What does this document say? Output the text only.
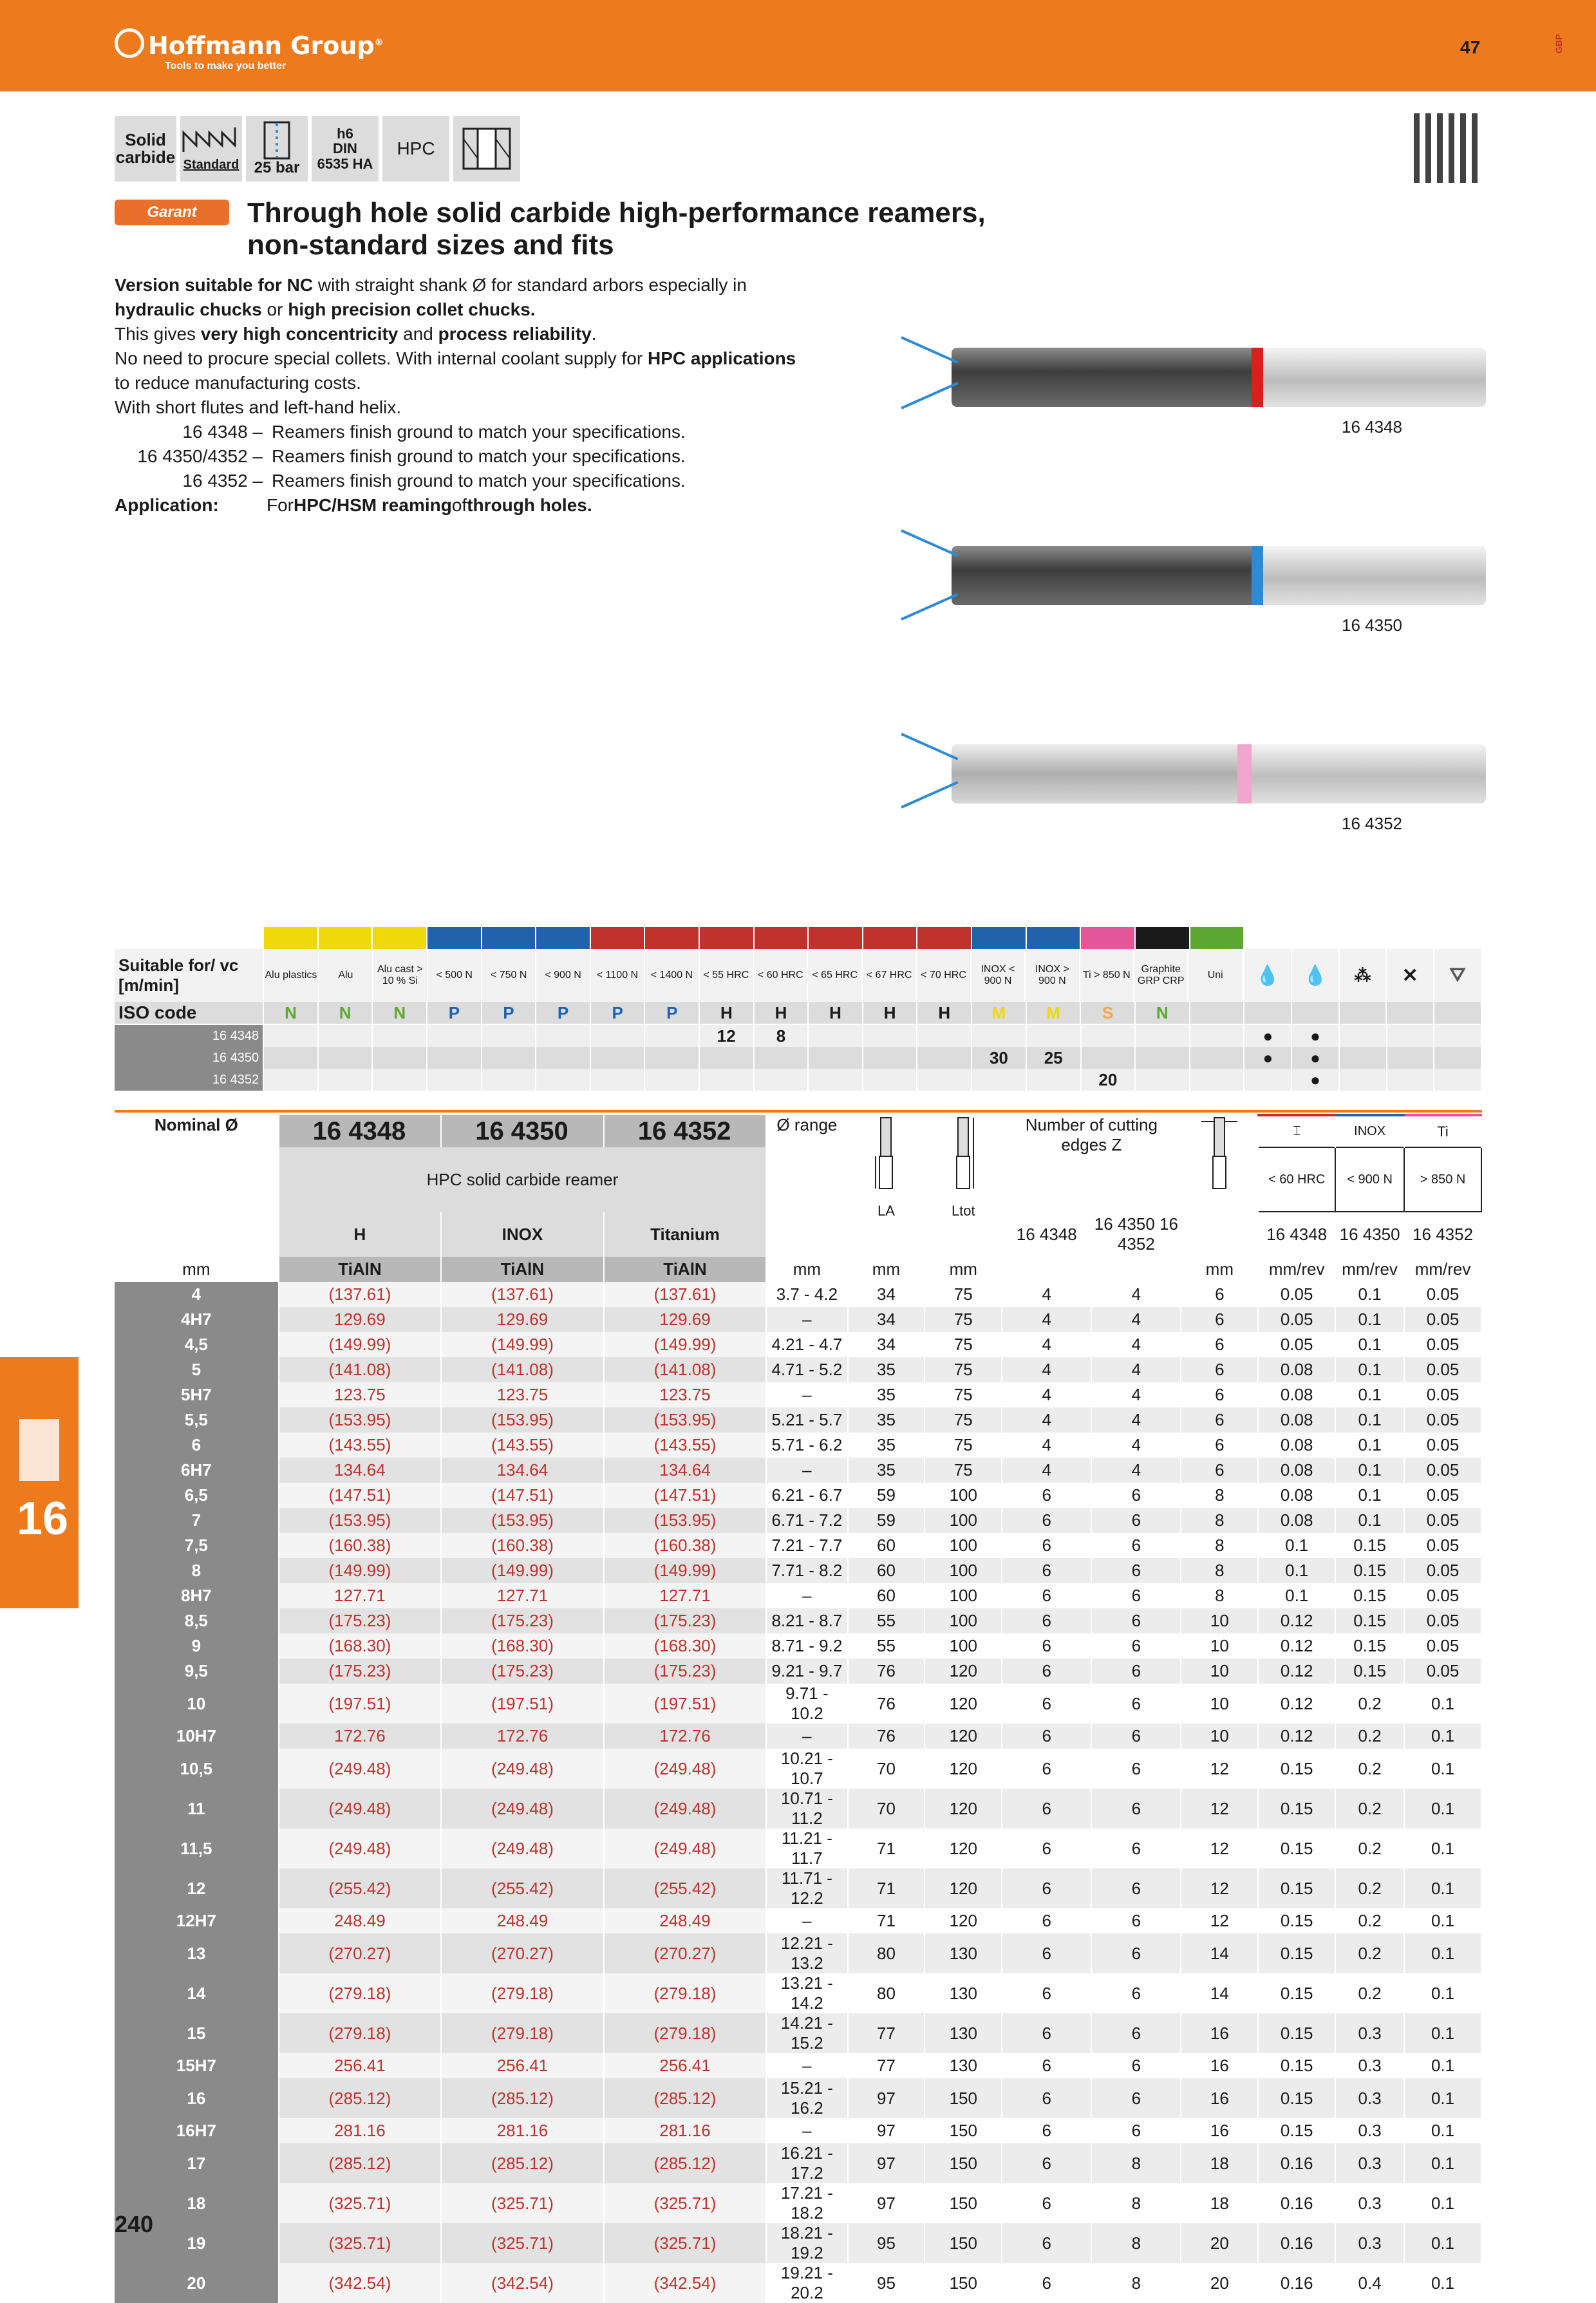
Hoffmann Group®
Tools to make you better
47	GBP
Solid
carbide Standard 25 bar
h6
DIN
6535 HA
HPC
Garant	Through hole solid carbide high-performance reamers, non-standard sizes and fits

Version suitable for NC with straight shank Ø for standard arbors especially in

hydraulic chucks or high precision collet chucks.

This gives very high concentricity and process reliability.

No need to procure special collets. With internal coolant supply for HPC applications

to reduce manufacturing costs.

With short flutes and left-hand helix.

16 4348 – Reamers finish ground to match your specifications.
16 4350/4352 – Reamers finish ground to match your specifications.
16 4352 – Reamers finish ground to match your specifications.
Application:	For HPC/HSM reaming of through holes.
16 4348
16 4350
16 4352

Suitable for/ vc [m/min]	
Alu plastics	Alu	Alu cast > 10 % Si	< 500 N	< 750 N	< 900 N	< 1100 N	< 1400 N	< 55 HRC	< 60 HRC	< 65 HRC	< 67 HRC	< 70 HRC	INOX < 900 N	INOX > 900 N	Ti > 850 N	Graphite GRP CRP	Uni
	💧	💧	⁂	✕	⛛
ISO code	N	N	N	P	P	P	P	P	H	H	H	H	H	M	M	S	N						
16 4348									12	8									●	●			
16 4350														30	25				●	●			
16 4352																20				●			
Nominal Ø	16 4348	16 4350	16 4352	Ø range	LA	Ltot	Number of cutting edges Z			⌶	INOX	Ti
	HPC solid carbide reamer									< 60 HRC	< 900 N	> 850 N
	H	INOX	Titanium				16 4348	16 4350 16 4352		16 4348	16 4350	16 4352
mm	TiAlN	TiAlN	TiAlN	mm	mm	mm			mm	mm/rev	mm/rev	mm/rev
4	(137.61)	(137.61)	(137.61)	3.7 - 4.2	34	75	4	4	6	0.05	0.1	0.05
4H7	129.69	129.69	129.69	–	34	75	4	4	6	0.05	0.1	0.05
4,5	(149.99)	(149.99)	(149.99)	4.21 - 4.7	34	75	4	4	6	0.05	0.1	0.05
5	(141.08)	(141.08)	(141.08)	4.71 - 5.2	35	75	4	4	6	0.08	0.1	0.05
5H7	123.75	123.75	123.75	–	35	75	4	4	6	0.08	0.1	0.05
5,5	(153.95)	(153.95)	(153.95)	5.21 - 5.7	35	75	4	4	6	0.08	0.1	0.05
6	(143.55)	(143.55)	(143.55)	5.71 - 6.2	35	75	4	4	6	0.08	0.1	0.05
6H7	134.64	134.64	134.64	–	35	75	4	4	6	0.08	0.1	0.05
6,5	(147.51)	(147.51)	(147.51)	6.21 - 6.7	59	100	6	6	8	0.08	0.1	0.05
7	(153.95)	(153.95)	(153.95)	6.71 - 7.2	59	100	6	6	8	0.08	0.1	0.05
7,5	(160.38)	(160.38)	(160.38)	7.21 - 7.7	60	100	6	6	8	0.1	0.15	0.05
8	(149.99)	(149.99)	(149.99)	7.71 - 8.2	60	100	6	6	8	0.1	0.15	0.05
8H7	127.71	127.71	127.71	–	60	100	6	6	8	0.1	0.15	0.05
8,5	(175.23)	(175.23)	(175.23)	8.21 - 8.7	55	100	6	6	10	0.12	0.15	0.05
9	(168.30)	(168.30)	(168.30)	8.71 - 9.2	55	100	6	6	10	0.12	0.15	0.05
9,5	(175.23)	(175.23)	(175.23)	9.21 - 9.7	76	120	6	6	10	0.12	0.15	0.05
10	(197.51)	(197.51)	(197.51)	9.71 - 10.2	76	120	6	6	10	0.12	0.2	0.1
10H7	172.76	172.76	172.76	–	76	120	6	6	10	0.12	0.2	0.1
10,5	(249.48)	(249.48)	(249.48)	10.21 - 10.7	70	120	6	6	12	0.15	0.2	0.1
11	(249.48)	(249.48)	(249.48)	10.71 - 11.2	70	120	6	6	12	0.15	0.2	0.1
11,5	(249.48)	(249.48)	(249.48)	11.21 - 11.7	71	120	6	6	12	0.15	0.2	0.1
12	(255.42)	(255.42)	(255.42)	11.71 - 12.2	71	120	6	6	12	0.15	0.2	0.1
12H7	248.49	248.49	248.49	–	71	120	6	6	12	0.15	0.2	0.1
13	(270.27)	(270.27)	(270.27)	12.21 - 13.2	80	130	6	6	14	0.15	0.2	0.1
14	(279.18)	(279.18)	(279.18)	13.21 - 14.2	80	130	6	6	14	0.15	0.2	0.1
15	(279.18)	(279.18)	(279.18)	14.21 - 15.2	77	130	6	6	16	0.15	0.3	0.1
15H7	256.41	256.41	256.41	–	77	130	6	6	16	0.15	0.3	0.1
16	(285.12)	(285.12)	(285.12)	15.21 - 16.2	97	150	6	6	16	0.15	0.3	0.1
16H7	281.16	281.16	281.16	–	97	150	6	6	16	0.15	0.3	0.1
17	(285.12)	(285.12)	(285.12)	16.21 - 17.2	97	150	6	8	18	0.16	0.3	0.1
18	(325.71)	(325.71)	(325.71)	17.21 - 18.2	97	150	6	8	18	0.16	0.3	0.1
19	(325.71)	(325.71)	(325.71)	18.21 - 19.2	95	150	6	8	20	0.16	0.3	0.1
20	(342.54)	(342.54)	(342.54)	19.21 - 20.2	95	150	6	8	20	0.16	0.4	0.1
16
240
